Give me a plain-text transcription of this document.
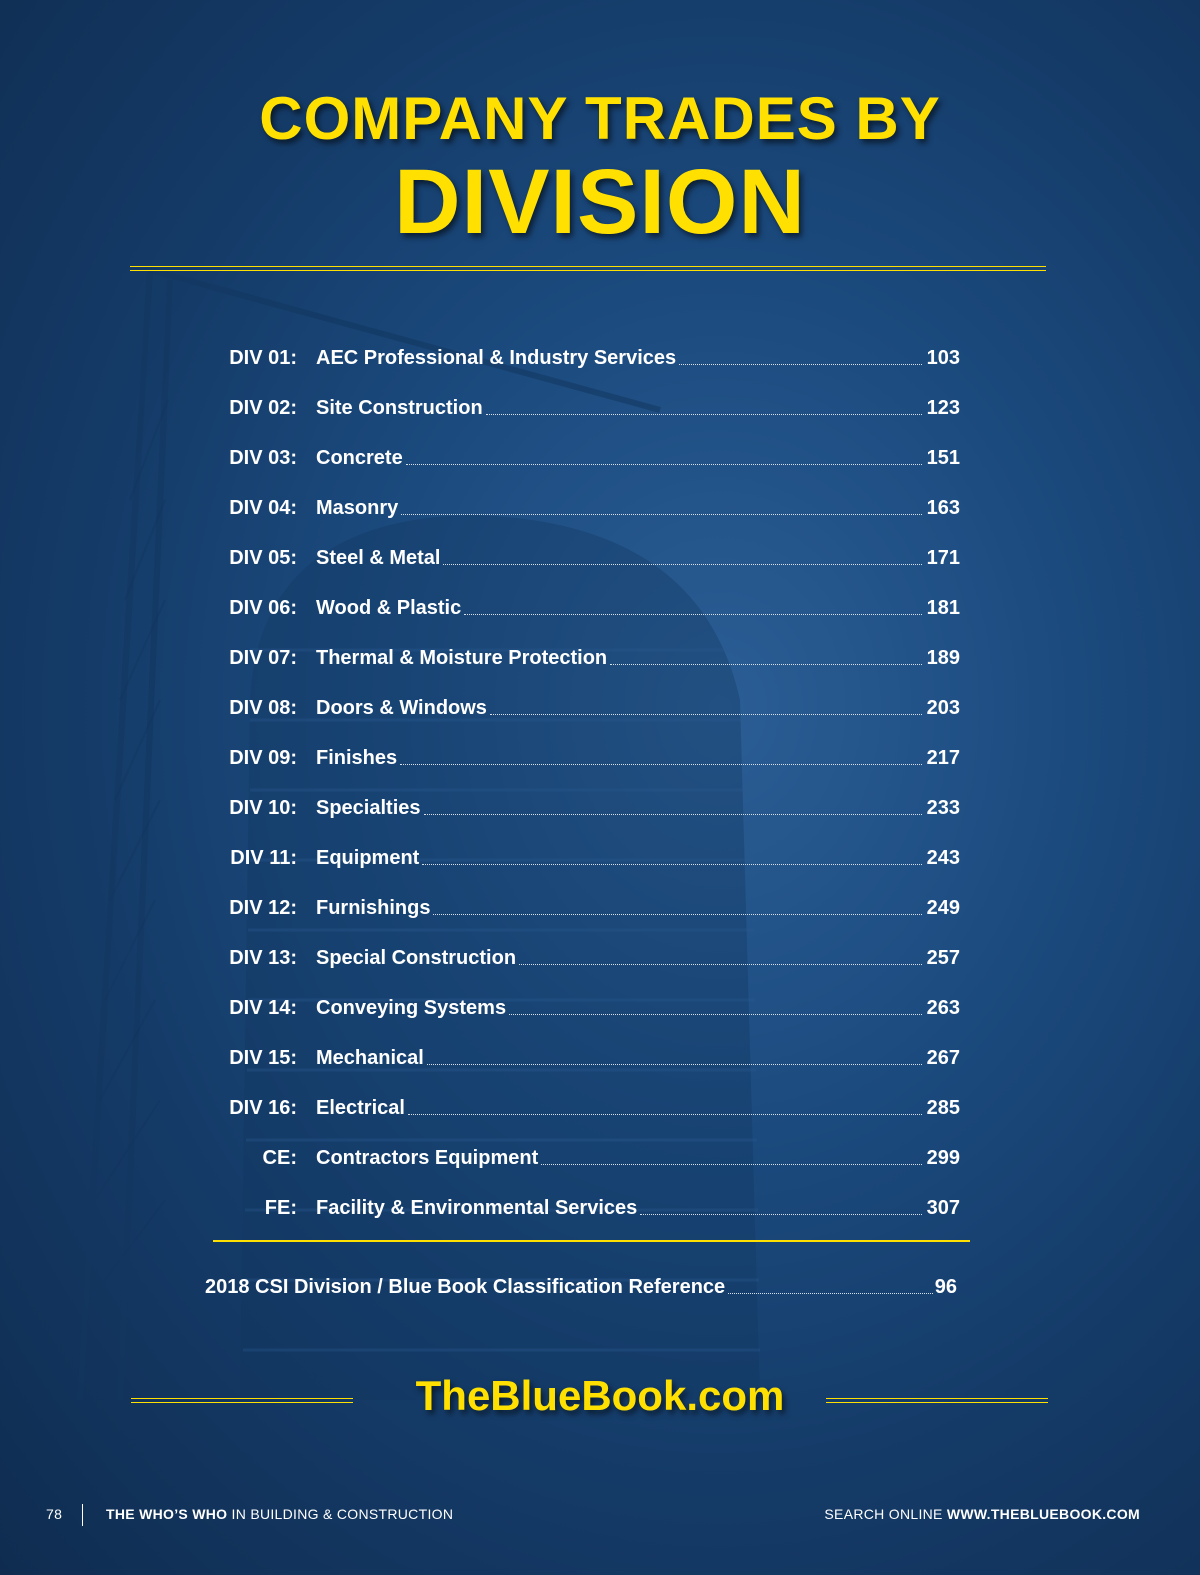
COMPANY TRADES BY
DIVISION
DIV 01: AEC Professional & Industry Services	103
DIV 02: Site Construction	123
DIV 03: Concrete	151
DIV 04: Masonry	163
DIV 05: Steel & Metal	171
DIV 06: Wood & Plastic	181
DIV 07: Thermal & Moisture Protection	189
DIV 08: Doors & Windows	203
DIV 09: Finishes	217
DIV 10: Specialties	233
DIV 11: Equipment	243
DIV 12: Furnishings	249
DIV 13: Special Construction	257
DIV 14: Conveying Systems	263
DIV 15: Mechanical	267
DIV 16: Electrical	285
CE: Contractors Equipment	299
FE: Facility & Environmental Services	307
2018 CSI Division / Blue Book Classification Reference	96
TheBlueBook.com
78	THE WHO’S WHO IN BUILDING & CONSTRUCTION	SEARCH ONLINE WWW.THEBLUEBOOK.COM
